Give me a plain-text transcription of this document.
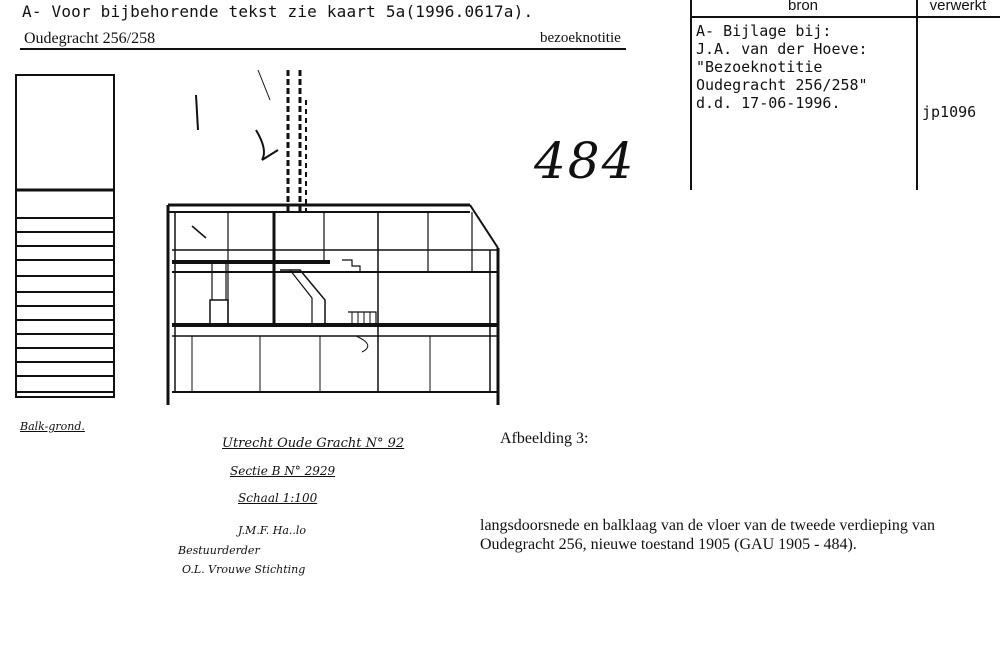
A- Voor bijbehorende tekst zie kaart 5a(1996.0617a).
Oudegracht 256/258	bezoeknotitie
bron	verwerkt
A- Bijlage bij:
J.A. van der Hoeve:
"Bezoeknotitie
Oudegracht 256/258"
d.d. 17-06-1996.	jp1096
484
Balk-grond.
Utrecht Oude Gracht N° 92
Sectie B N° 2929
Schaal 1:100
J.M.F. Ha..lo
Bestuurderder
O.L. Vrouwe Stichting
Afbeelding 3:
langsdoorsnede en balklaag van de vloer van de tweede verdieping van Oudegracht 256, nieuwe toestand 1905 (GAU 1905 - 484).
